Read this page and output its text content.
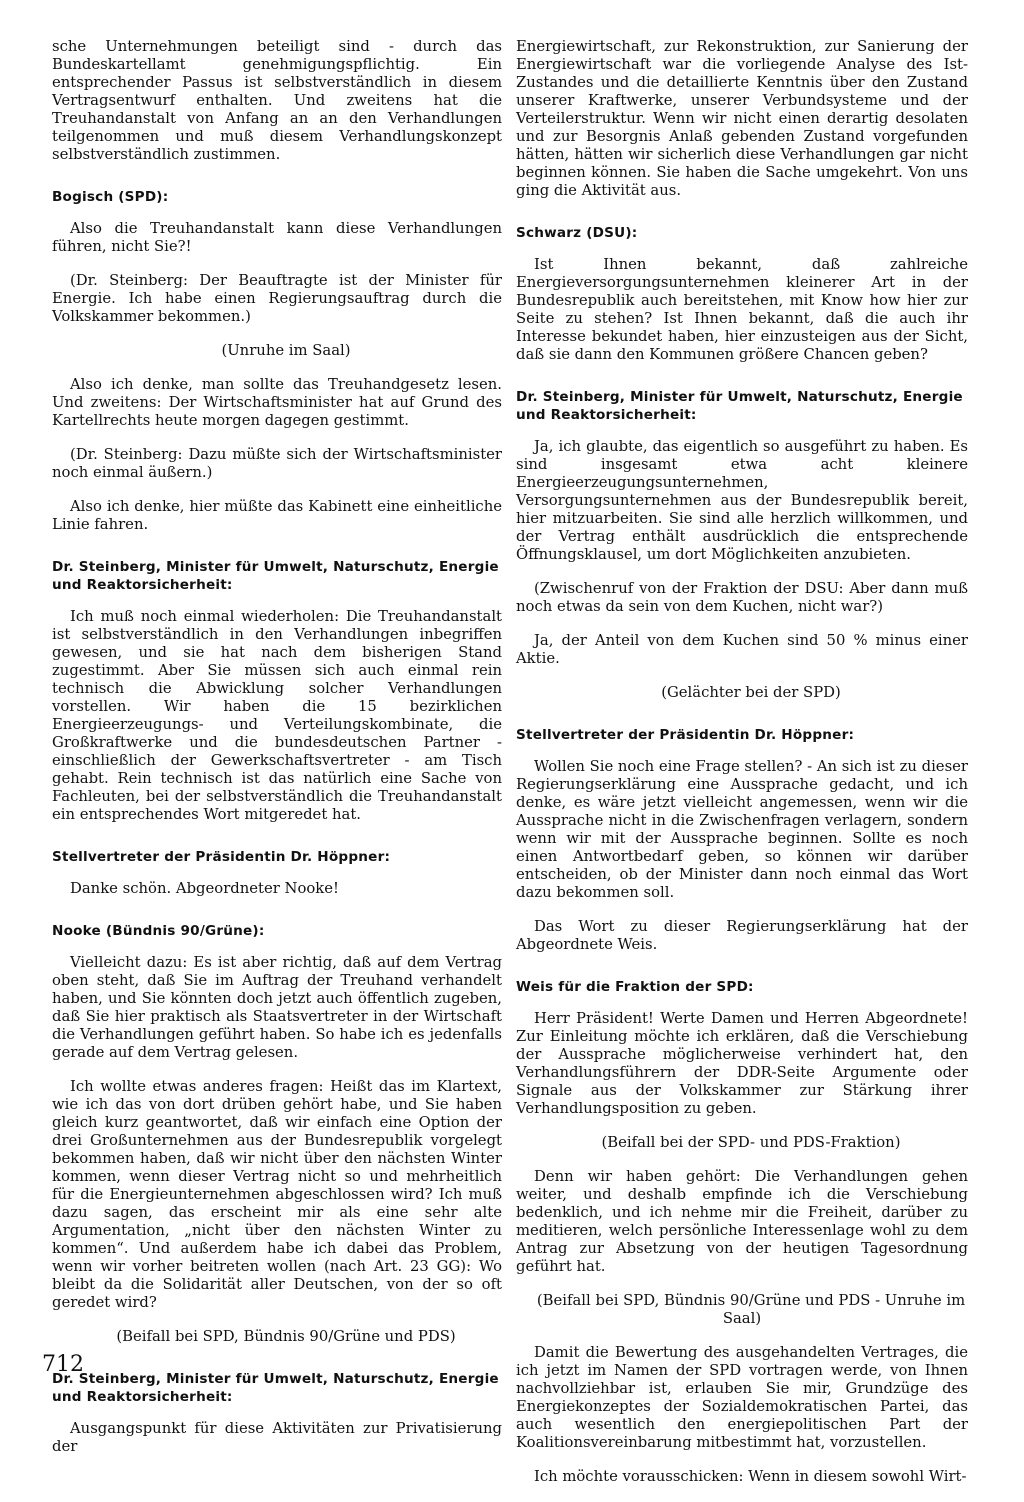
sche Unternehmungen beteiligt sind - durch das Bundeskartellamt genehmigungspflichtig. Ein entsprechender Passus ist selbstverständlich in diesem Vertragsentwurf enthalten. Und zweitens hat die Treuhandanstalt von Anfang an an den Verhandlungen teilgenommen und muß diesem Verhandlungskonzept selbstverständlich zustimmen.

Bogisch (SPD):

Also die Treuhandanstalt kann diese Verhandlungen führen, nicht Sie?!

(Dr. Steinberg: Der Beauftragte ist der Minister für Energie. Ich habe einen Regierungsauftrag durch die Volkskammer bekommen.)

(Unruhe im Saal)

Also ich denke, man sollte das Treuhandgesetz lesen. Und zweitens: Der Wirtschaftsminister hat auf Grund des Kartellrechts heute morgen dagegen gestimmt.

(Dr. Steinberg: Dazu müßte sich der Wirtschaftsminister noch einmal äußern.)

Also ich denke, hier müßte das Kabinett eine einheitliche Linie fahren.

Dr. Steinberg, Minister für Umwelt, Naturschutz, Energie und Reaktorsicherheit:

Ich muß noch einmal wiederholen: Die Treuhandanstalt ist selbstverständlich in den Verhandlungen inbegriffen gewesen, und sie hat nach dem bisherigen Stand zugestimmt. Aber Sie müssen sich auch einmal rein technisch die Abwicklung solcher Verhandlungen vorstellen. Wir haben die 15 bezirklichen Energieerzeugungs- und Verteilungskombinate, die Großkraftwerke und die bundesdeutschen Partner - einschließlich der Gewerkschaftsvertreter - am Tisch gehabt. Rein technisch ist das natürlich eine Sache von Fachleuten, bei der selbstverständlich die Treuhandanstalt ein entsprechendes Wort mitgeredet hat.

Stellvertreter der Präsidentin Dr. Höppner:

Danke schön. Abgeordneter Nooke!

Nooke (Bündnis 90/Grüne):

Vielleicht dazu: Es ist aber richtig, daß auf dem Vertrag oben steht, daß Sie im Auftrag der Treuhand verhandelt haben, und Sie könnten doch jetzt auch öffentlich zugeben, daß Sie hier praktisch als Staatsvertreter in der Wirtschaft die Verhandlungen geführt haben. So habe ich es jedenfalls gerade auf dem Vertrag gelesen.

Ich wollte etwas anderes fragen: Heißt das im Klartext, wie ich das von dort drüben gehört habe, und Sie haben gleich kurz geantwortet, daß wir einfach eine Option der drei Großunternehmen aus der Bundesrepublik vorgelegt bekommen haben, daß wir nicht über den nächsten Winter kommen, wenn dieser Vertrag nicht so und mehrheitlich für die Energieunternehmen abgeschlossen wird? Ich muß dazu sagen, das erscheint mir als eine sehr alte Argumentation, „nicht über den nächsten Winter zu kommen“. Und außerdem habe ich dabei das Problem, wenn wir vorher beitreten wollen (nach Art. 23 GG): Wo bleibt da die Solidarität aller Deutschen, von der so oft geredet wird?

(Beifall bei SPD, Bündnis 90/Grüne und PDS)

Dr. Steinberg, Minister für Umwelt, Naturschutz, Energie und Reaktorsicherheit:

Ausgangspunkt für diese Aktivitäten zur Privatisierung der

Energiewirtschaft, zur Rekonstruktion, zur Sanierung der Energiewirtschaft war die vorliegende Analyse des Ist-Zustandes und die detaillierte Kenntnis über den Zustand unserer Kraftwerke, unserer Verbundsysteme und der Verteilerstruktur. Wenn wir nicht einen derartig desolaten und zur Besorgnis Anlaß gebenden Zustand vorgefunden hätten, hätten wir sicherlich diese Verhandlungen gar nicht beginnen können. Sie haben die Sache umgekehrt. Von uns ging die Aktivität aus.

Schwarz (DSU):

Ist Ihnen bekannt, daß zahlreiche Energieversorgungsunternehmen kleinerer Art in der Bundesrepublik auch bereitstehen, mit Know how hier zur Seite zu stehen? Ist Ihnen bekannt, daß die auch ihr Interesse bekundet haben, hier einzusteigen aus der Sicht, daß sie dann den Kommunen größere Chancen geben?

Dr. Steinberg, Minister für Umwelt, Naturschutz, Energie und Reaktorsicherheit:

Ja, ich glaubte, das eigentlich so ausgeführt zu haben. Es sind insgesamt etwa acht kleinere Energieerzeugungsunternehmen, Versorgungsunternehmen aus der Bundesrepublik bereit, hier mitzuarbeiten. Sie sind alle herzlich willkommen, und der Vertrag enthält ausdrücklich die entsprechende Öffnungsklausel, um dort Möglichkeiten anzubieten.

(Zwischenruf von der Fraktion der DSU: Aber dann muß noch etwas da sein von dem Kuchen, nicht war?)

Ja, der Anteil von dem Kuchen sind 50 % minus einer Aktie.

(Gelächter bei der SPD)

Stellvertreter der Präsidentin Dr. Höppner:

Wollen Sie noch eine Frage stellen? - An sich ist zu dieser Regierungserklärung eine Aussprache gedacht, und ich denke, es wäre jetzt vielleicht angemessen, wenn wir die Aussprache nicht in die Zwischenfragen verlagern, sondern wenn wir mit der Aussprache beginnen. Sollte es noch einen Antwortbedarf geben, so können wir darüber entscheiden, ob der Minister dann noch einmal das Wort dazu bekommen soll.

Das Wort zu dieser Regierungserklärung hat der Abgeordnete Weis.

Weis für die Fraktion der SPD:

Herr Präsident! Werte Damen und Herren Abgeordnete! Zur Einleitung möchte ich erklären, daß die Verschiebung der Aussprache möglicherweise verhindert hat, den Verhandlungsführern der DDR-Seite Argumente oder Signale aus der Volkskammer zur Stärkung ihrer Verhandlungsposition zu geben.

(Beifall bei der SPD- und PDS-Fraktion)

Denn wir haben gehört: Die Verhandlungen gehen weiter, und deshalb empfinde ich die Verschiebung bedenklich, und ich nehme mir die Freiheit, darüber zu meditieren, welch persönliche Interessenlage wohl zu dem Antrag zur Absetzung von der heutigen Tagesordnung geführt hat.

(Beifall bei SPD, Bündnis 90/Grüne und PDS - Unruhe im Saal)

Damit die Bewertung des ausgehandelten Vertrages, die ich jetzt im Namen der SPD vortragen werde, von Ihnen nachvollziehbar ist, erlauben Sie mir, Grundzüge des Energiekonzeptes der Sozialdemokratischen Partei, das auch wesentlich den energiepolitischen Part der Koalitionsvereinbarung mitbestimmt hat, vorzustellen.

Ich möchte vorausschicken: Wenn in diesem sowohl Wirt-

712
